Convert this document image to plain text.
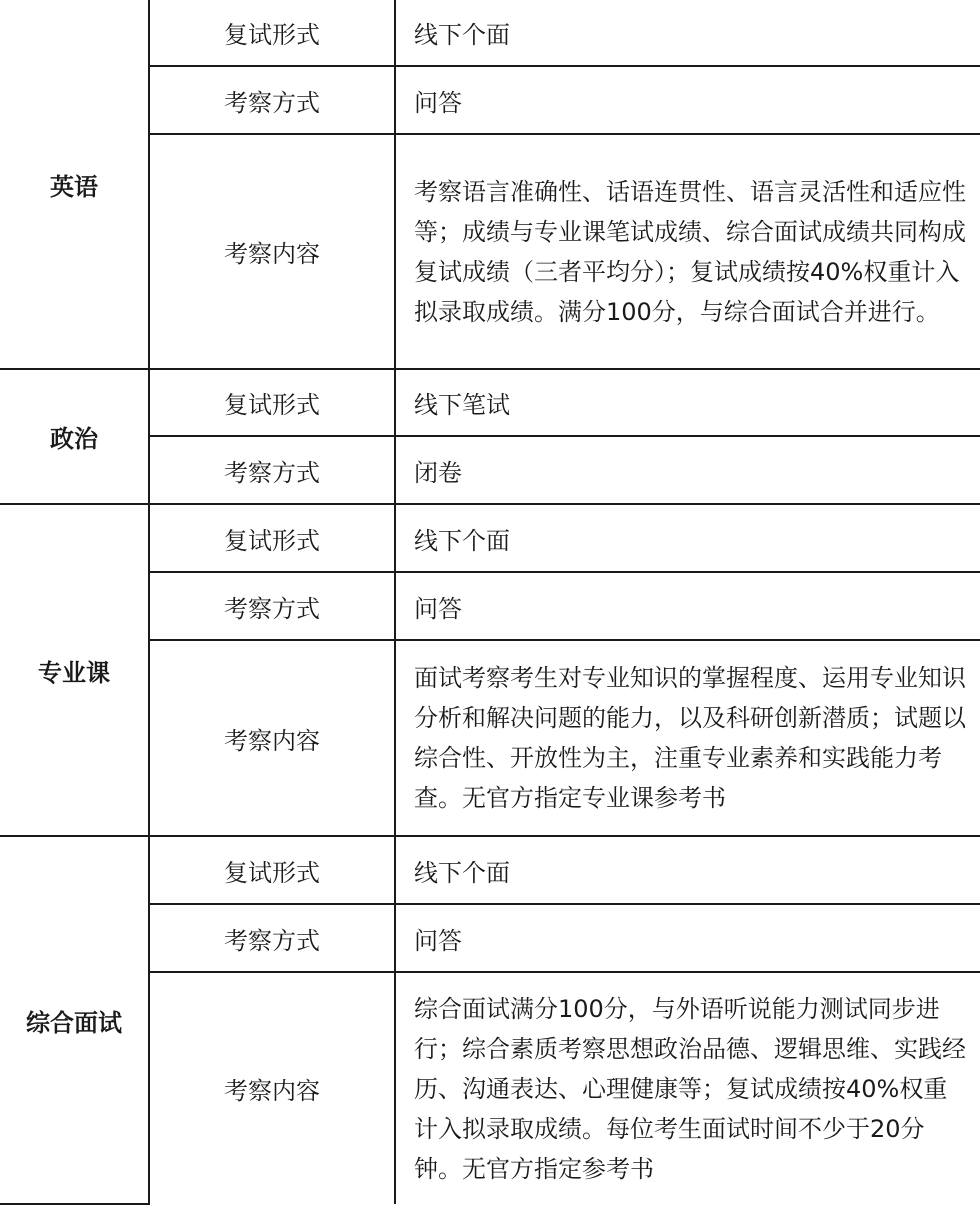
英语	复试形式	线下个面
	考察方式	问答
	考察内容	考察语言准确性、话语连贯性、语言灵活性和适应性等；成绩与专业课笔试成绩、综合面试成绩共同构成复试成绩（三者平均分）；复试成绩按40%权重计入拟录取成绩。满分100分，与综合面试合并进行。
政治	复试形式	线下笔试
	考察方式	闭卷
专业课	复试形式	线下个面
	考察方式	问答
	考察内容	面试考察考生对专业知识的掌握程度、运用专业知识分析和解决问题的能力，以及科研创新潜质；试题以综合性、开放性为主，注重专业素养和实践能力考查。无官方指定专业课参考书
综合面试	复试形式	线下个面
	考察方式	问答
	考察内容	综合面试满分100分，与外语听说能力测试同步进行；综合素质考察思想政治品德、逻辑思维、实践经历、沟通表达、心理健康等；复试成绩按40%权重计入拟录取成绩。每位考生面试时间不少于20分钟。无官方指定参考书
